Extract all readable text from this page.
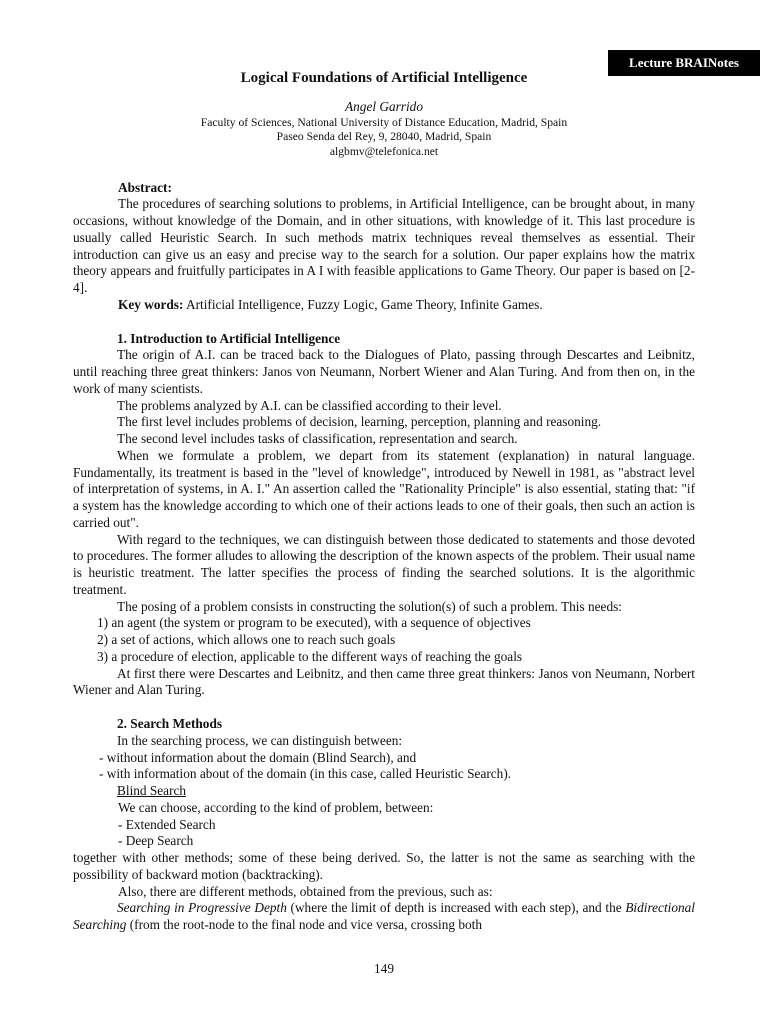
Lecture BRAINotes
Logical Foundations of Artificial Intelligence

Angel Garrido

Faculty of Sciences, National University of Distance Education, Madrid, Spain

Paseo Senda del Rey, 9, 28040, Madrid, Spain

algbmv@telefonica.net

Abstract:

The procedures of searching solutions to problems, in Artificial Intelligence, can be brought about, in many occasions, without knowledge of the Domain, and in other situations, with knowledge of it. This last procedure is usually called Heuristic Search. In such methods matrix techniques reveal themselves as essential. Their introduction can give us an easy and precise way to the search for a solution. Our paper explains how the matrix theory appears and fruitfully participates in A I with feasible applications to Game Theory. Our paper is based on [2-4].

Key words: Artificial Intelligence, Fuzzy Logic, Game Theory, Infinite Games.

1. Introduction to Artificial Intelligence

The origin of A.I. can be traced back to the Dialogues of Plato, passing through Descartes and Leibnitz, until reaching three great thinkers: Janos von Neumann, Norbert Wiener and Alan Turing. And from then on, in the work of many scientists.

The problems analyzed by A.I. can be classified according to their level.

The first level includes problems of decision, learning, perception, planning and reasoning.

The second level includes tasks of classification, representation and search.

When we formulate a problem, we depart from its statement (explanation) in natural language. Fundamentally, its treatment is based in the "level of knowledge", introduced by Newell in 1981, as "abstract level of interpretation of systems, in A. I." An assertion called the "Rationality Principle" is also essential, stating that: "if a system has the knowledge according to which one of their actions leads to one of their goals, then such an action is carried out".

With regard to the techniques, we can distinguish between those dedicated to statements and those devoted to procedures. The former alludes to allowing the description of the known aspects of the problem. Their usual name is heuristic treatment. The latter specifies the process of finding the searched solutions. It is the algorithmic treatment.

The posing of a problem consists in constructing the solution(s) of such a problem. This needs:

1) an agent (the system or program to be executed), with a sequence of objectives

2) a set of actions, which allows one to reach such goals

3) a procedure of election, applicable to the different ways of reaching the goals

At first there were Descartes and Leibnitz, and then came three great thinkers: Janos von Neumann, Norbert Wiener and Alan Turing.

2. Search Methods

In the searching process, we can distinguish between:

- without information about the domain (Blind Search), and

- with information about of the domain (in this case, called Heuristic Search).

Blind Search

We can choose, according to the kind of problem, between:

- Extended Search

- Deep Search

together with other methods; some of these being derived. So, the latter is not the same as searching with the possibility of backward motion (backtracking).

Also, there are different methods, obtained from the previous, such as:

Searching in Progressive Depth (where the limit of depth is increased with each step), and the Bidirectional Searching (from the root-node to the final node and vice versa, crossing both

149
